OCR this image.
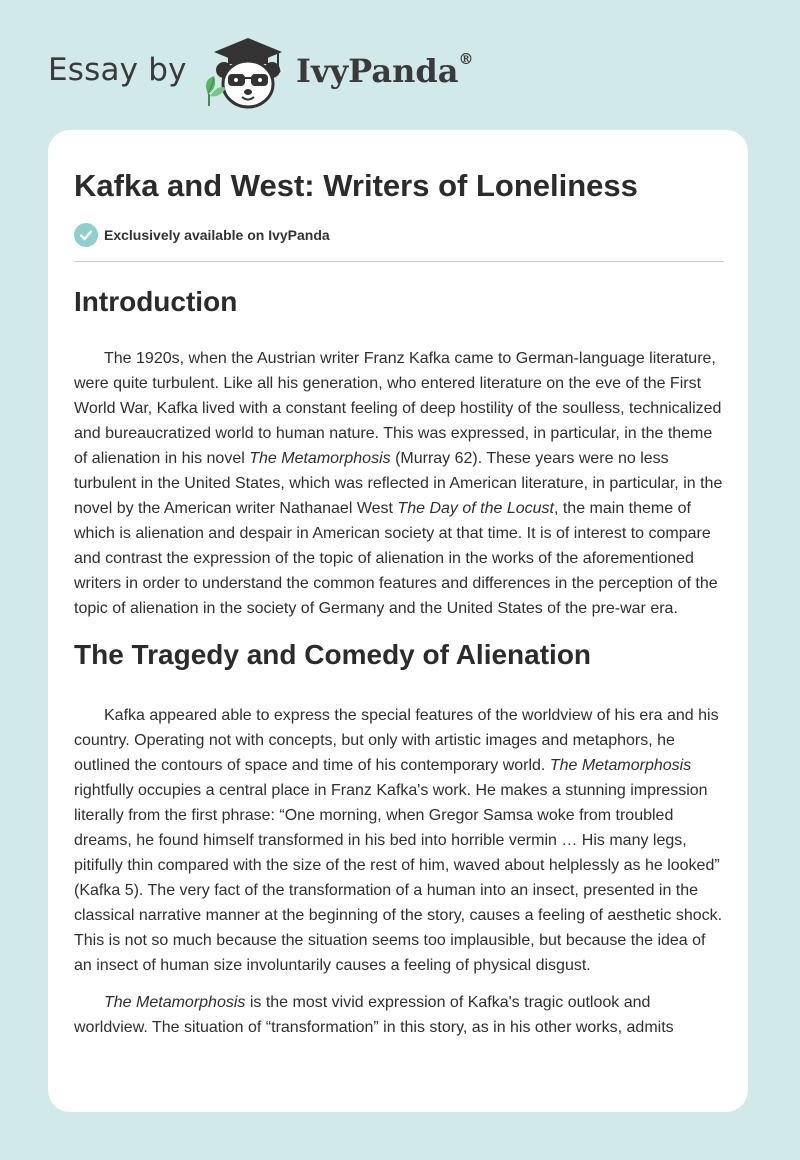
Essay by	IvyPanda®
Kafka and West: Writers of Loneliness
Exclusively available on IvyPanda
Introduction

The 1920s, when the Austrian writer Franz Kafka came to German-language literature, were quite turbulent. Like all his generation, who entered literature on the eve of the First World War, Kafka lived with a constant feeling of deep hostility of the soulless, technicalized and bureaucratized world to human nature. This was expressed, in particular, in the theme of alienation in his novel The Metamorphosis (Murray 62). These years were no less turbulent in the United States, which was reflected in American literature, in particular, in the novel by the American writer Nathanael West The Day of the Locust, the main theme of which is alienation and despair in American society at that time. It is of interest to compare and contrast the expression of the topic of alienation in the works of the aforementioned writers in order to understand the common features and differences in the perception of the topic of alienation in the society of Germany and the United States of the pre-war era.

The Tragedy and Comedy of Alienation

Kafka appeared able to express the special features of the worldview of his era and his country. Operating not with concepts, but only with artistic images and metaphors, he outlined the contours of space and time of his contemporary world. The Metamorphosis rightfully occupies a central place in Franz Kafka's work. He makes a stunning impression literally from the first phrase: “One morning, when Gregor Samsa woke from troubled dreams, he found himself transformed in his bed into horrible vermin … His many legs, pitifully thin compared with the size of the rest of him, waved about helplessly as he looked” (Kafka 5). The very fact of the transformation of a human into an insect, presented in the classical narrative manner at the beginning of the story, causes a feeling of aesthetic shock. This is not so much because the situation seems too implausible, but because the idea of an insect of human size involuntarily causes a feeling of physical disgust.

The Metamorphosis is the most vivid expression of Kafka's tragic outlook and worldview. The situation of “transformation” in this story, as in his other works, admits
